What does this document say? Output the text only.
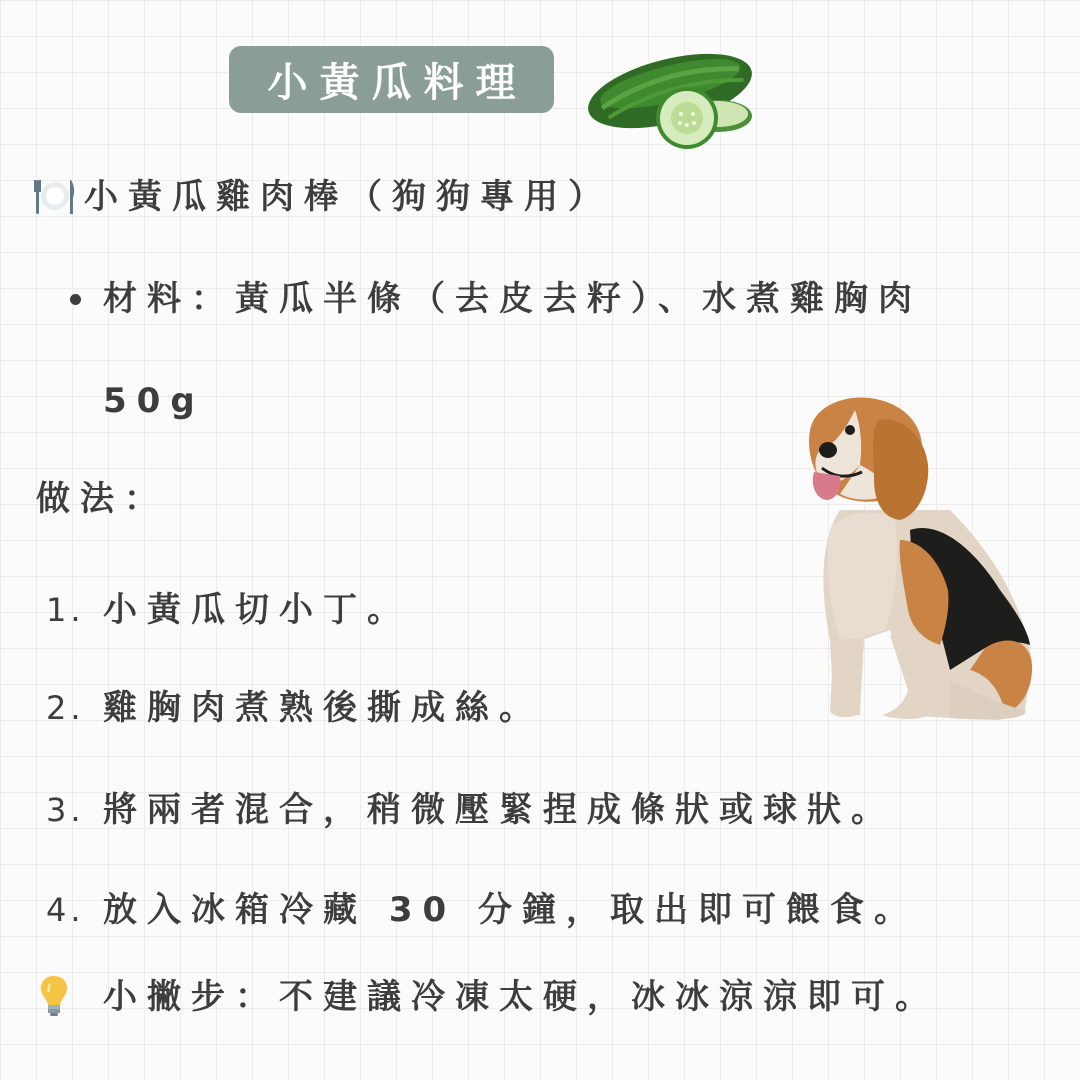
小黃瓜料理
小黃瓜雞肉棒（狗狗專用）
材料：黃瓜半條（去皮去籽）、水煮雞胸肉
50g
做法：
1. 小黃瓜切小丁。
2. 雞胸肉煮熟後撕成絲。
3. 將兩者混合，稍微壓緊捏成條狀或球狀。
4. 放入冰箱冷藏 30 分鐘，取出即可餵食。
小撇步：不建議冷凍太硬，冰冰涼涼即可。
